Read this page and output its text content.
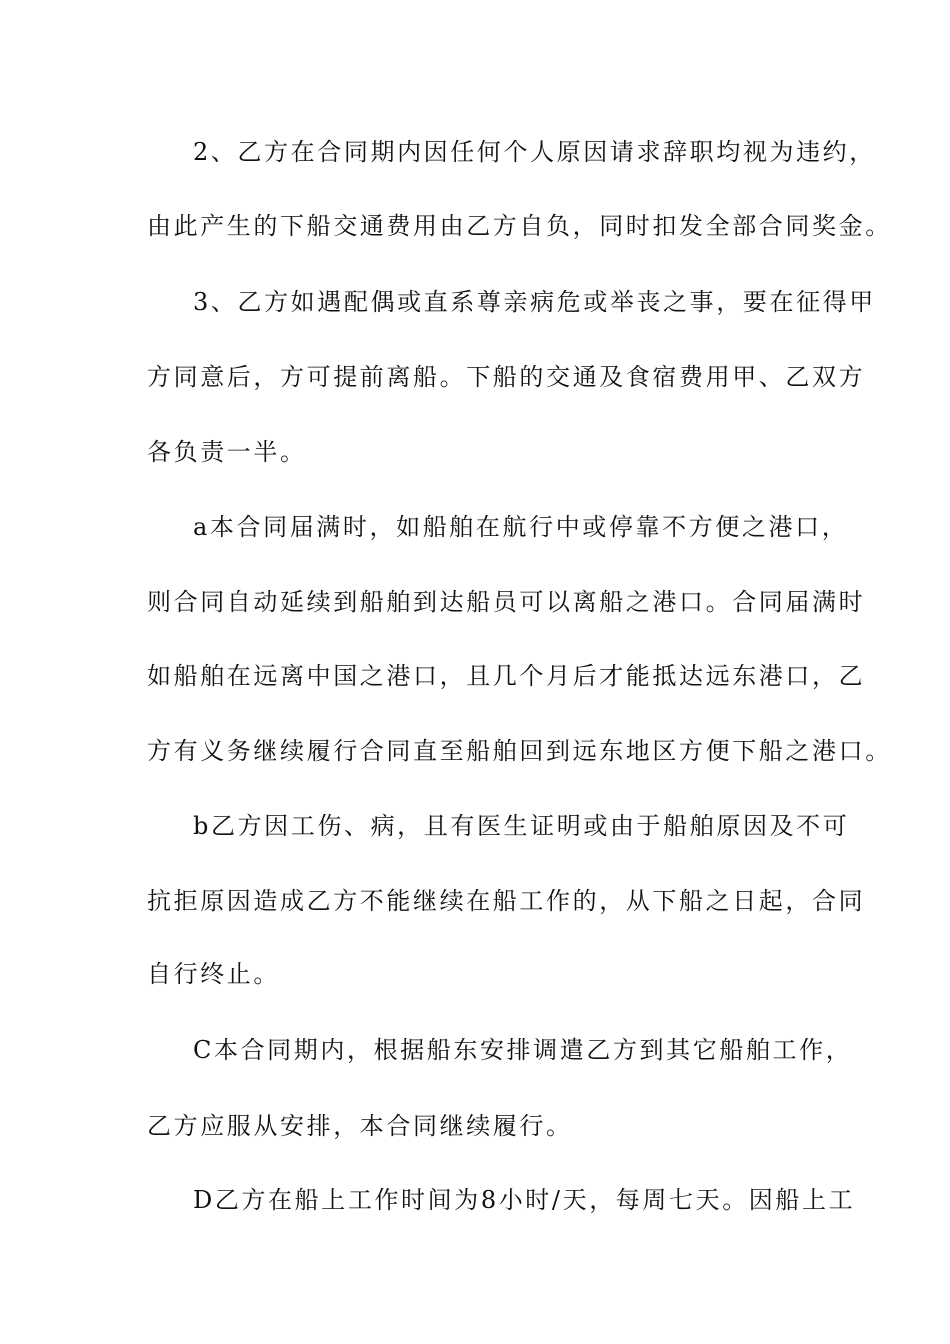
2、乙方在合同期内因任何个人原因请求辞职均视为违约，
由此产生的下船交通费用由乙方自负，同时扣发全部合同奖金。
3、乙方如遇配偶或直系尊亲病危或举丧之事，要在征得甲
方同意后，方可提前离船。下船的交通及食宿费用甲、乙双方
各负责一半。
a本合同届满时，如船舶在航行中或停靠不方便之港口，
则合同自动延续到船舶到达船员可以离船之港口。合同届满时
如船舶在远离中国之港口，且几个月后才能抵达远东港口，乙
方有义务继续履行合同直至船舶回到远东地区方便下船之港口。
b乙方因工伤、病，且有医生证明或由于船舶原因及不可
抗拒原因造成乙方不能继续在船工作的，从下船之日起，合同
自行终止。
C本合同期内，根据船东安排调遣乙方到其它船舶工作，
乙方应服从安排，本合同继续履行。
D乙方在船上工作时间为8小时/天，每周七天。因船上工
